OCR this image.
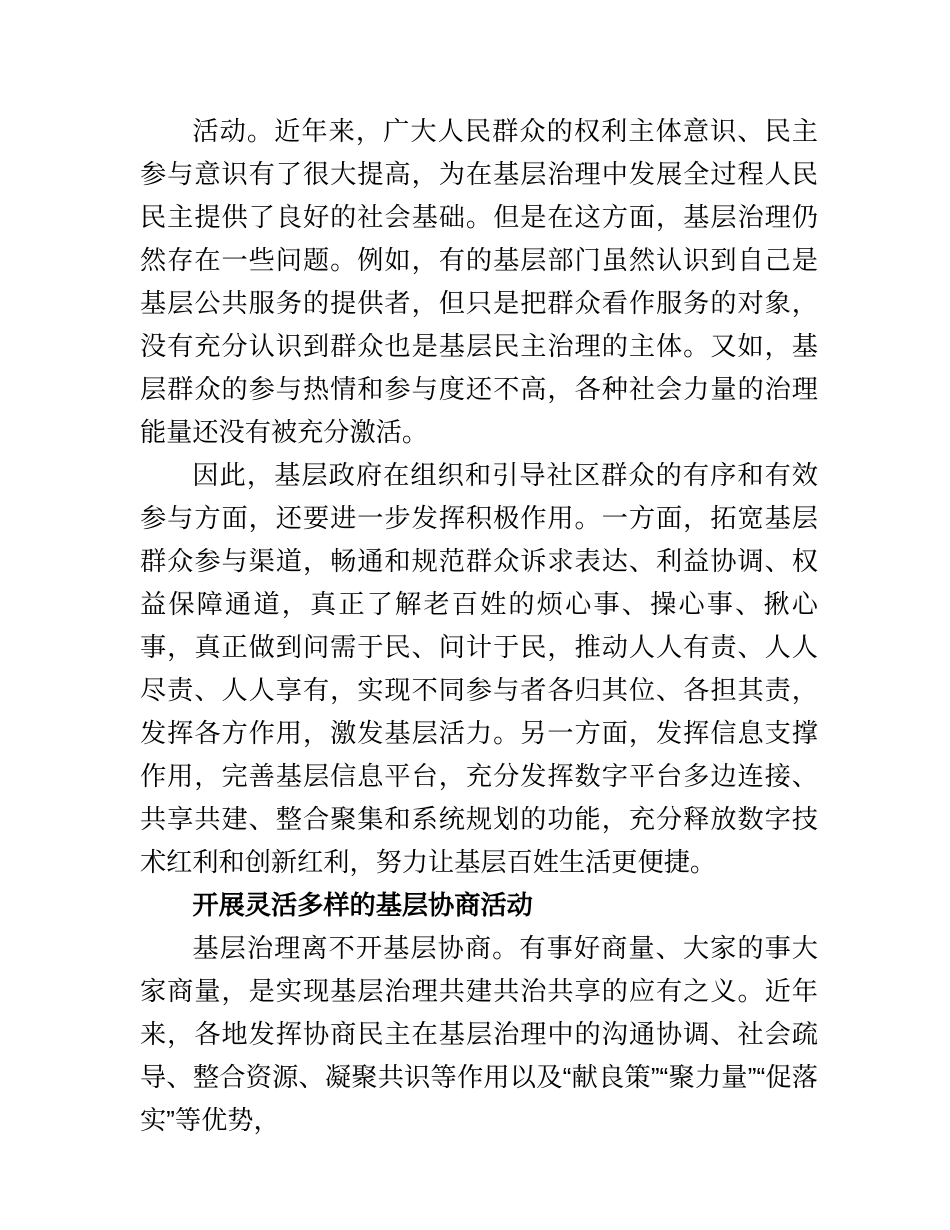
活动。近年来，广大人民群众的权利主体意识、民主参与意识有了很大提高，为在基层治理中发展全过程人民民主提供了良好的社会基础。但是在这方面，基层治理仍然存在一些问题。例如，有的基层部门虽然认识到自己是基层公共服务的提供者，但只是把群众看作服务的对象，没有充分认识到群众也是基层民主治理的主体。又如，基层群众的参与热情和参与度还不高，各种社会力量的治理能量还没有被充分激活。

因此，基层政府在组织和引导社区群众的有序和有效参与方面，还要进一步发挥积极作用。一方面，拓宽基层群众参与渠道，畅通和规范群众诉求表达、利益协调、权益保障通道，真正了解老百姓的烦心事、操心事、揪心事，真正做到问需于民、问计于民，推动人人有责、人人尽责、人人享有，实现不同参与者各归其位、各担其责，发挥各方作用，激发基层活力。另一方面，发挥信息支撑作用，完善基层信息平台，充分发挥数字平台多边连接、共享共建、整合聚集和系统规划的功能，充分释放数字技术红利和创新红利，努力让基层百姓生活更便捷。

开展灵活多样的基层协商活动

基层治理离不开基层协商。有事好商量、大家的事大家商量，是实现基层治理共建共治共享的应有之义。近年来，各地发挥协商民主在基层治理中的沟通协调、社会疏导、整合资源、凝聚共识等作用以及“献良策”“聚力量”“促落实”等优势，
